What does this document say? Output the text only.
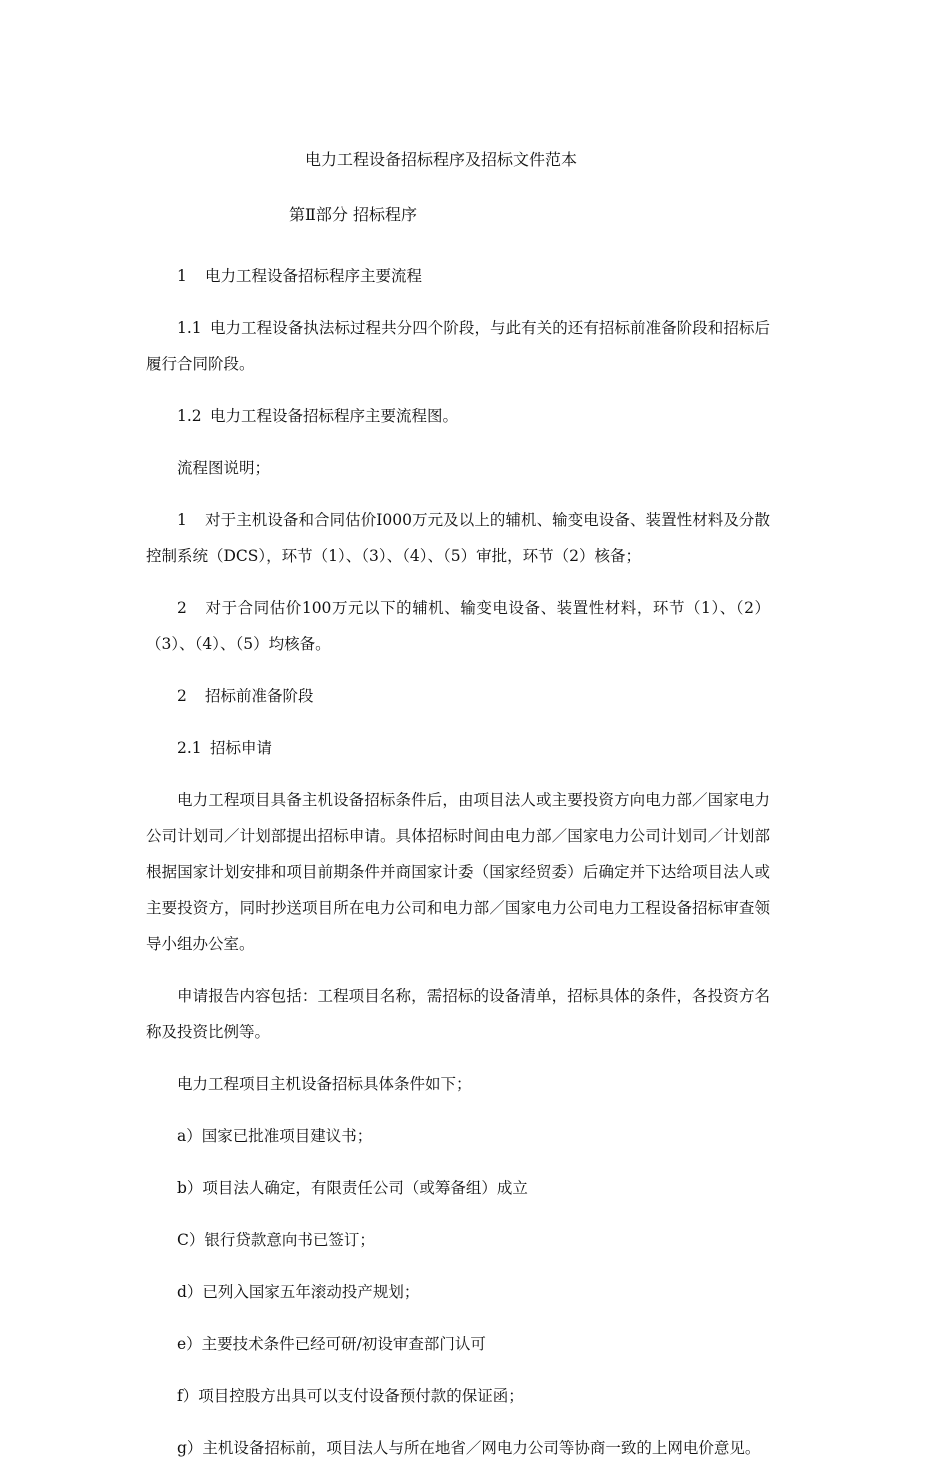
电力工程设备招标程序及招标文件范本
第Ⅱ部分 招标程序

1 电力工程设备招标程序主要流程

1.1 电力工程设备执法标过程共分四个阶段，与此有关的还有招标前准备阶段和招标后履行合同阶段。

1.2 电力工程设备招标程序主要流程图。

流程图说明；

1 对于主机设备和合同估价I000万元及以上的辅机、输变电设备、装置性材料及分散控制系统（DCS），环节（1）、（3）、（4）、（5）审批，环节（2）核备；

2 对于合同估价100万元以下的辅机、输变电设备、装置性材料，环节（1）、（2）（3）、（4）、（5）均核备。

2 招标前准备阶段

2.1 招标申请

电力工程项目具备主机设备招标条件后，由项目法人或主要投资方向电力部／国家电力公司计划司／计划部提出招标申请。具体招标时间由电力部／国家电力公司计划司／计划部根据国家计划安排和项目前期条件并商国家计委（国家经贸委）后确定并下达给项目法人或主要投资方，同时抄送项目所在电力公司和电力部／国家电力公司电力工程设备招标审查领导小组办公室。

申请报告内容包括：工程项目名称，需招标的设备清单，招标具体的条件，各投资方名称及投资比例等。

电力工程项目主机设备招标具体条件如下；

a）国家已批准项目建议书；

b）项目法人确定，有限责任公司（或筹备组）成立

C）银行贷款意向书已签订；

d）已列入国家五年滚动投产规划；

e）主要技术条件已经可研/初设审查部门认可

f）项目控股方出具可以支付设备预付款的保证函；

g）主机设备招标前，项目法人与所在地省／网电力公司等协商一致的上网电价意见。
